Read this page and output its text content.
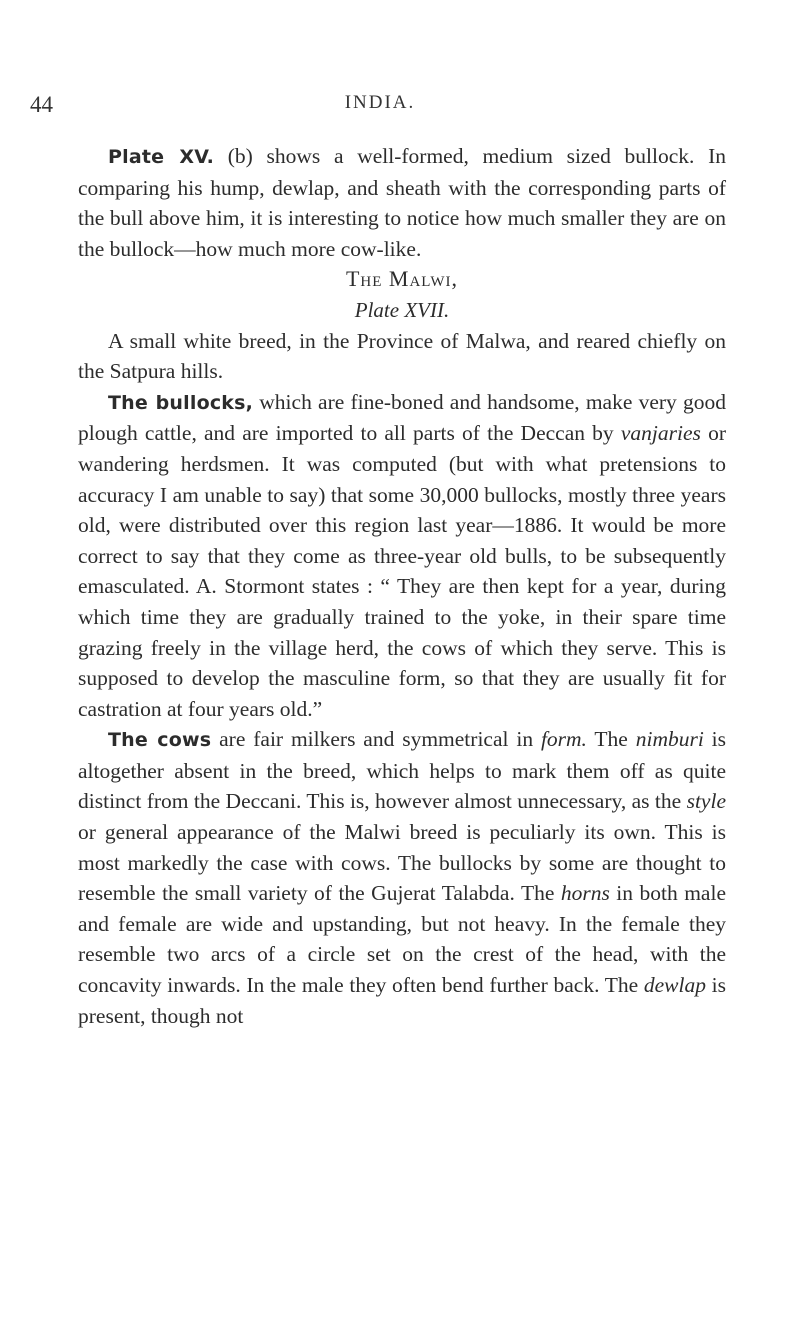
44	INDIA.

Plate XV. (b) shows a well-formed, medium sized bullock. In comparing his hump, dewlap, and sheath with the corresponding parts of the bull above him, it is interesting to notice how much smaller they are on the bullock—how much more cow-like.

The Malwi,

Plate XVII.

A small white breed, in the Province of Malwa, and reared chiefly on the Satpura hills.

The bullocks, which are fine-boned and handsome, make very good plough cattle, and are imported to all parts of the Deccan by vanjaries or wandering herdsmen. It was computed (but with what pretensions to accuracy I am unable to say) that some 30,000 bullocks, mostly three years old, were distributed over this region last year—1886. It would be more correct to say that they come as three-year old bulls, to be subsequently emasculated. A. Stormont states : “ They are then kept for a year, during which time they are gradually trained to the yoke, in their spare time grazing freely in the village herd, the cows of which they serve. This is supposed to develop the masculine form, so that they are usually fit for castration at four years old.”

The cows are fair milkers and symmetrical in form. The nimburi is altogether absent in the breed, which helps to mark them off as quite distinct from the Deccani. This is, however almost unnecessary, as the style or general appearance of the Malwi breed is peculiarly its own. This is most markedly the case with cows. The bullocks by some are thought to resemble the small variety of the Gujerat Talabda. The horns in both male and female are wide and upstanding, but not heavy. In the female they resemble two arcs of a circle set on the crest of the head, with the concavity inwards. In the male they often bend further back. The dewlap is present, though not
